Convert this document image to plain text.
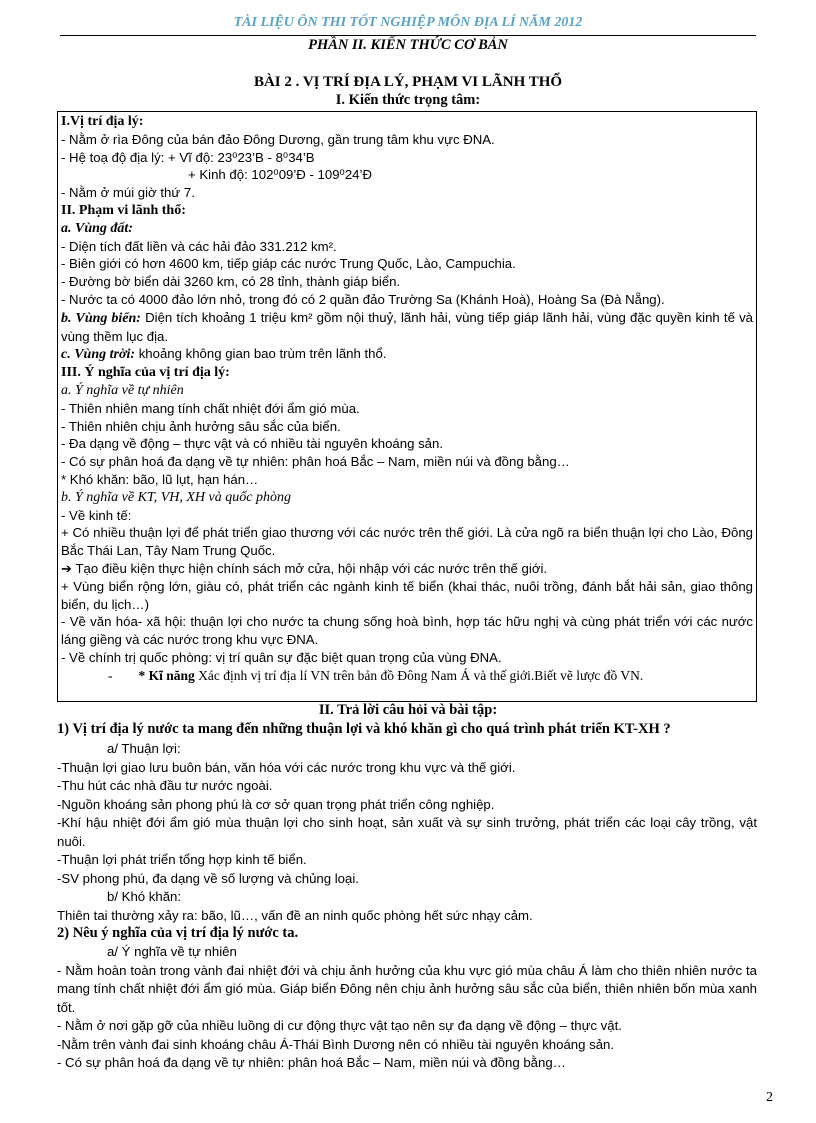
TÀI LIỆU ÔN THI TỐT NGHIỆP MÔN ĐỊA LÍ NĂM 2012
PHẦN II. KIẾN THỨC CƠ BẢN
BÀI 2 . VỊ TRÍ ĐỊA LÝ, PHẠM VI LÃNH THỔ
I. Kiến thức trọng tâm:
I.Vị trí địa lý:
- Nằm ở rìa Đông của bán đảo Đông Dương, gần trung tâm khu vực ĐNA.
- Hệ toạ độ địa lý: + Vĩ độ: 23⁰23’B - 8⁰34’B
+ Kinh độ: 102⁰09’Đ - 109⁰24’Đ
- Nằm ở múi giờ thứ 7.
II. Phạm vi lãnh thổ:
a. Vùng đất:
- Diện tích đất liền và các hải đảo 331.212 km².
- Biên giới có hơn 4600 km, tiếp giáp các nước Trung Quốc, Lào, Campuchia.
- Đường bờ biển dài 3260 km, có 28 tỉnh, thành giáp biển.
- Nước ta có 4000 đảo lớn nhỏ, trong đó có 2 quần đảo Trường Sa (Khánh Hoà), Hoàng Sa (Đà Nẵng).
b. Vùng biển: Diện tích khoảng 1 triệu km² gồm nội thuỷ, lãnh hải, vùng tiếp giáp lãnh hải, vùng đặc quyền kinh tế và vùng thềm lục địa.
c. Vùng trời: khoảng không gian bao trùm trên lãnh thổ.
III. Ý nghĩa của vị trí địa lý:
a. Ý nghĩa về tự nhiên
- Thiên nhiên mang tính chất nhiệt đới ẩm gió mùa.
- Thiên nhiên chịu ảnh hưởng sâu sắc của biển.
- Đa dạng về động – thực vật và có nhiều tài nguyên khoáng sản.
- Có sự phân hoá đa dạng về tự nhiên: phân hoá Bắc – Nam, miền núi và đồng bằng…
* Khó khăn: bão, lũ lụt, hạn hán…
b. Ý nghĩa về KT, VH, XH và quốc phòng
- Về kinh tế:
+ Có nhiều thuận lợi để phát triển giao thương với các nước trên thế giới. Là cửa ngõ ra biển thuận lợi cho Lào, Đông Bắc Thái Lan, Tây Nam Trung Quốc.
➔ Tạo điều kiện thực hiện chính sách mở cửa, hội nhập với các nước trên thế giới.
+ Vùng biển rộng lớn, giàu có, phát triển các ngành kinh tế biển (khai thác, nuôi trồng, đánh bắt hải sản, giao thông biển, du lịch…)
- Về văn hóa- xã hội: thuận lợi cho nước ta chung sống hoà bình, hợp tác hữu nghị và cùng phát triển với các nước láng giềng và các nước trong khu vực ĐNA.
- Về chính trị quốc phòng: vị trí quân sự đặc biệt quan trọng của vùng ĐNA.
- * Kĩ năng Xác định vị trí địa lí VN trên bản đồ Đông Nam Á và thế giới.Biết vẽ lược đồ VN.
II. Trả lời câu hỏi và bài tập:
1) Vị trí địa lý nước ta mang đến những thuận lợi và khó khăn gì cho quá trình phát triển KT-XH ?
a/ Thuận lợi:
-Thuận lợi giao lưu buôn bán, văn hóa với các nước trong khu vực và thế giới.
-Thu hút các nhà đầu tư nước ngoài.
-Nguồn khoáng sản phong phú là cơ sở quan trọng phát triển công nghiệp.
-Khí hậu nhiệt đới ẩm gió mùa thuận lợi cho sinh hoạt, sản xuất và sự sinh trưởng, phát triển các loại cây trồng, vật nuôi.
-Thuận lợi phát triển tổng hợp kinh tế biển.
-SV phong phú, đa dạng về số lượng và chủng loại.
b/ Khó khăn:
Thiên tai thường xảy ra: bão, lũ…, vấn đề an ninh quốc phòng hết sức nhạy cảm.
2) Nêu ý nghĩa của vị trí địa lý nước ta.
a/ Ý nghĩa về tự nhiên
- Nằm hoàn toàn trong vành đai nhiệt đới và chịu ảnh hưởng của khu vực gió mùa châu Á làm cho thiên nhiên nước ta mang tính chất nhiệt đới ẩm gió mùa. Giáp biển Đông nên chịu ảnh hưởng sâu sắc của biển, thiên nhiên bốn mùa xanh tốt.
- Nằm ở nơi gặp gỡ của nhiều luồng di cư động thực vật tạo nên sự đa dạng về động – thực vật.
-Nằm trên vành đai sinh khoáng châu Á-Thái Bình Dương nên có nhiều tài nguyên khoáng sản.
- Có sự phân hoá đa dạng về tự nhiên: phân hoá Bắc – Nam, miền núi và đồng bằng…
2
